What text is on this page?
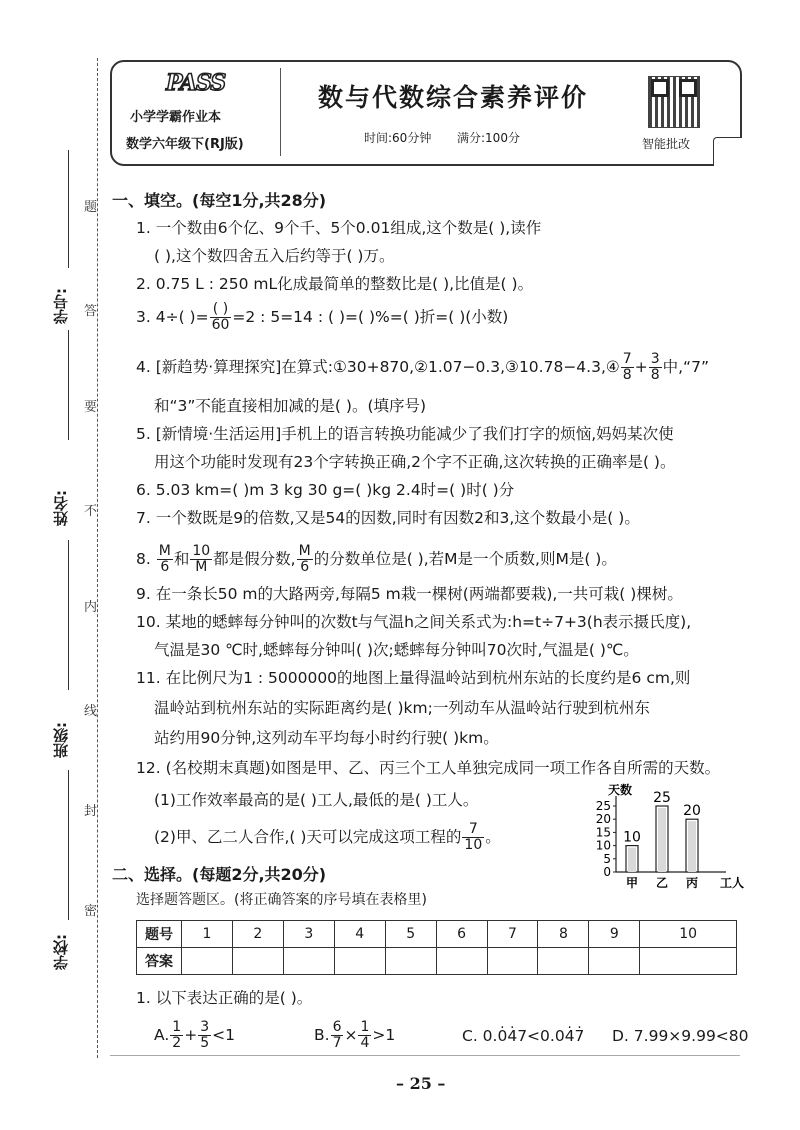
学号:
姓名:
班级:
学校:
题
答
要
不
内
线
封
密
PASS
小学学霸作业本
数学六年级下(RJ版)
数与代数综合素养评价
时间:60分钟 满分:100分	智能批改
一、填空。(每空1分,共28分)
1. 一个数由6个亿、9个千、5个0.01组成,这个数是( ),读作
( ),这个数四舍五入后约等于( )万。
2. 0.75 L : 250 mL化成最简单的整数比是( ),比值是( )。
3. 4÷( )= $\frac{( )}{60} =2$ : 5=14 : ( )=( )%=( )折=( )(小数)
4. [新趋势·算理探究]在算式:①30+870,②1.07−0.3,③10.78−4.3,④ $\frac{7}{8} + \frac{3}{8}$ 中,“7”
和“3”不能直接相加减的是( )。(填序号)
5. [新情境·生活运用]手机上的语言转换功能减少了我们打字的烦恼,妈妈某次使
用这个功能时发现有23个字转换正确,2个字不正确,这次转换的正确率是( )。
6. 5.03 km=( )m 3 kg 30 g=( )kg 2.4时=( )时( )分
7. 一个数既是9的倍数,又是54的因数,同时有因数2和3,这个数最小是( )。
8. $\frac{M}{6}$ 和 $\frac{10}{M}$ 都是假分数, $\frac{M}{6}$ 的分数单位是( ),若M是一个质数,则M是( )。
9. 在一条长50 m的大路两旁,每隔5 m栽一棵树(两端都要栽),一共可栽( )棵树。
10. 某地的蟋蟀每分钟叫的次数t与气温h之间关系式为:h=t÷7+3(h表示摄氏度),
气温是30 ℃时,蟋蟀每分钟叫( )次;蟋蟀每分钟叫70次时,气温是( )℃。
11. 在比例尺为1 : 5000000的地图上量得温岭站到杭州东站的长度约是6 cm,则
温岭站到杭州东站的实际距离约是( )km;一列动车从温岭站行驶到杭州东
站约用90分钟,这列动车平均每小时约行驶( )km。
12. (名校期末真题)如图是甲、乙、丙三个工人单独完成同一项工作各自所需的天数。
(1)工作效率最高的是( )工人,最低的是( )工人。
(2)甲、乙二人合作,( )天可以完成这项工程的 $\frac{7}{10}$ 。
天数
0
5
10
15
20
25
10
甲
25
乙
20
丙 工人
二、选择。(每题2分,共20分)
选择题答题区。(将正确答案的序号填在表格里)
题号	1	2	3	4	5	6	7	8	9	10
答案										
1. 以下表达正确的是( )。
A. $\frac{1}{2} + \frac{3}{5} <1$	B. $\frac{6}{7} \times \frac{1}{4} >1$	C. 0.0̇4̇7<0.04̇7̇ D. 7.99×9.99<80
– 25 –
